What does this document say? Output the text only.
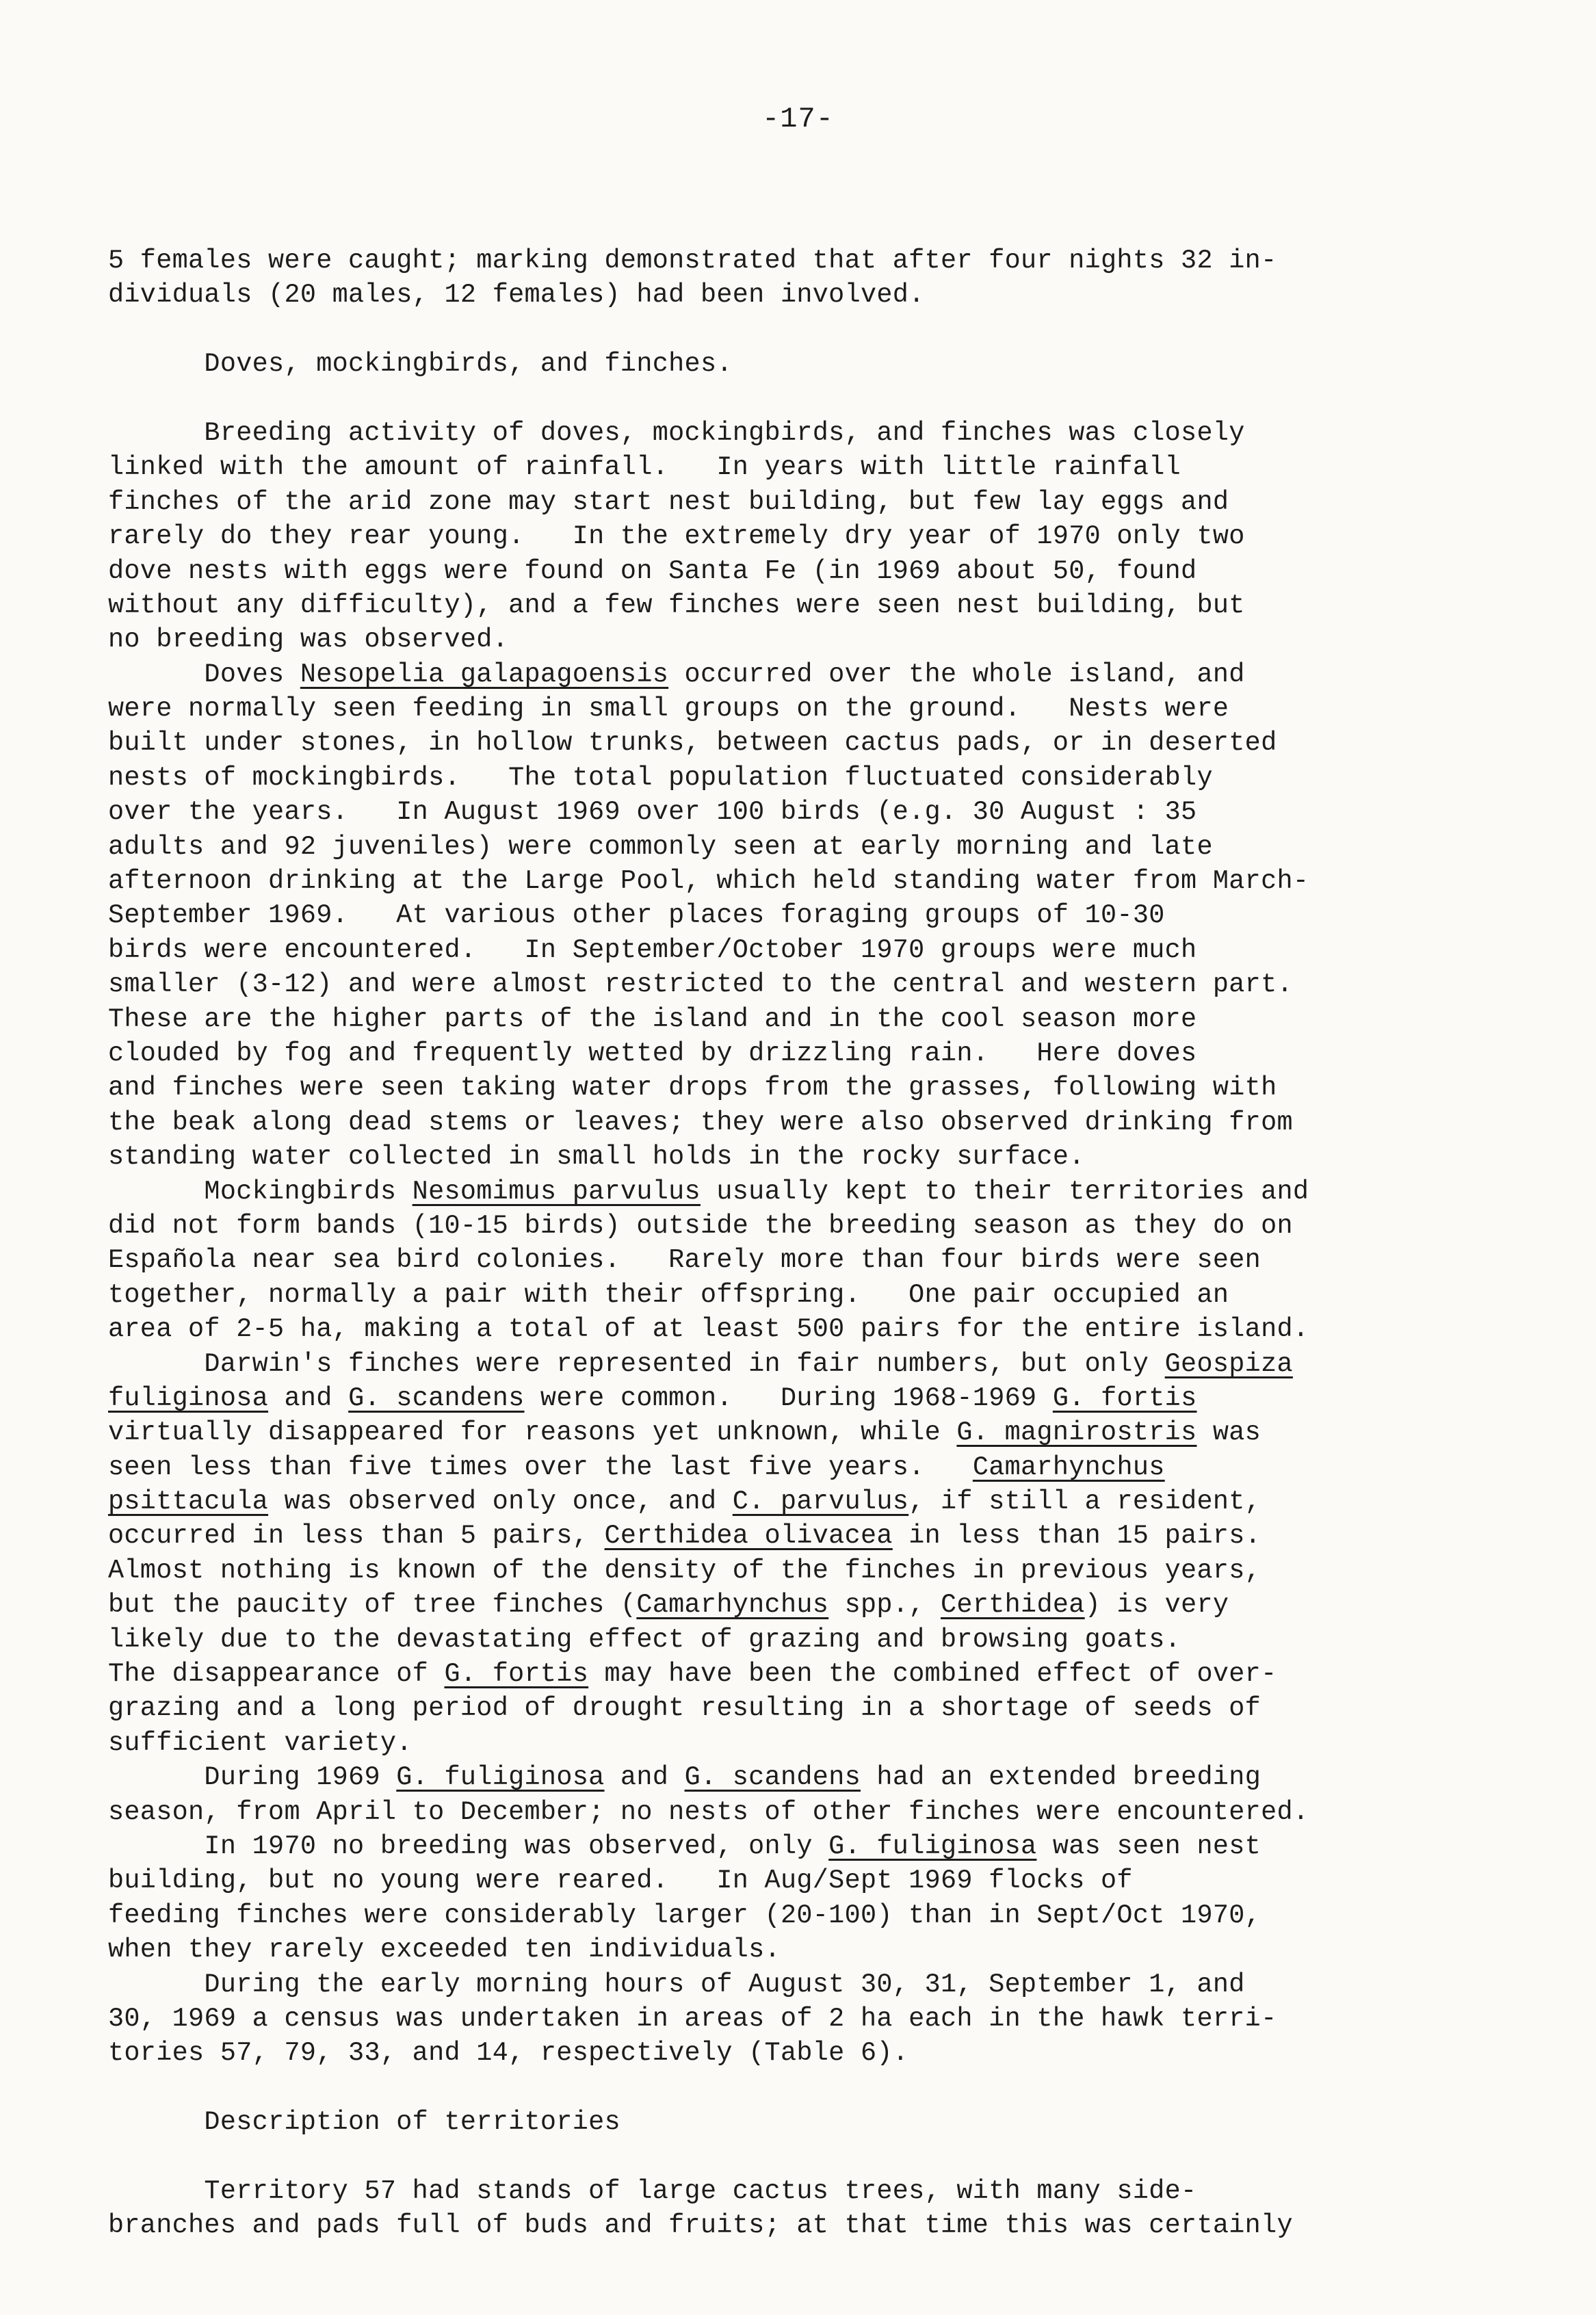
-17-
5 females were caught; marking demonstrated that after four nights 32 in-
dividuals (20 males, 12 females) had been involved.
Doves, mockingbirds, and finches.
Breeding activity of doves, mockingbirds, and finches was closely
linked with the amount of rainfall.   In years with little rainfall
finches of the arid zone may start nest building, but few lay eggs and
rarely do they rear young.   In the extremely dry year of 1970 only two
dove nests with eggs were found on Santa Fe (in 1969 about 50, found
without any difficulty), and a few finches were seen nest building, but
no breeding was observed.
Doves Nesopelia galapagoensis occurred over the whole island, and
were normally seen feeding in small groups on the ground.   Nests were
built under stones, in hollow trunks, between cactus pads, or in deserted
nests of mockingbirds.   The total population fluctuated considerably
over the years.   In August 1969 over 100 birds (e.g. 30 August : 35
adults and 92 juveniles) were commonly seen at early morning and late
afternoon drinking at the Large Pool, which held standing water from March-
September 1969.   At various other places foraging groups of 10-30
birds were encountered.   In September/October 1970 groups were much
smaller (3-12) and were almost restricted to the central and western part.
These are the higher parts of the island and in the cool season more
clouded by fog and frequently wetted by drizzling rain.   Here doves
and finches were seen taking water drops from the grasses, following with
the beak along dead stems or leaves; they were also observed drinking from
standing water collected in small holds in the rocky surface.
Mockingbirds Nesomimus parvulus usually kept to their territories and
did not form bands (10-15 birds) outside the breeding season as they do on
Española near sea bird colonies.   Rarely more than four birds were seen
together, normally a pair with their offspring.   One pair occupied an
area of 2-5 ha, making a total of at least 500 pairs for the entire island.
Darwin's finches were represented in fair numbers, but only Geospiza
fuliginosa and G. scandens were common.   During 1968-1969 G. fortis
virtually disappeared for reasons yet unknown, while G. magnirostris was
seen less than five times over the last five years.   Camarhynchus
psittacula was observed only once, and C. parvulus, if still a resident,
occurred in less than 5 pairs, Certhidea olivacea in less than 15 pairs.
Almost nothing is known of the density of the finches in previous years,
but the paucity of tree finches (Camarhynchus spp., Certhidea) is very
likely due to the devastating effect of grazing and browsing goats.
The disappearance of G. fortis may have been the combined effect of over-
grazing and a long period of drought resulting in a shortage of seeds of
sufficient variety.
During 1969 G. fuliginosa and G. scandens had an extended breeding
season, from April to December; no nests of other finches were encountered.
In 1970 no breeding was observed, only G. fuliginosa was seen nest
building, but no young were reared.   In Aug/Sept 1969 flocks of
feeding finches were considerably larger (20-100) than in Sept/Oct 1970,
when they rarely exceeded ten individuals.
During the early morning hours of August 30, 31, September 1, and
30, 1969 a census was undertaken in areas of 2 ha each in the hawk terri-
tories 57, 79, 33, and 14, respectively (Table 6).
Description of territories
Territory 57 had stands of large cactus trees, with many side-
branches and pads full of buds and fruits; at that time this was certainly
